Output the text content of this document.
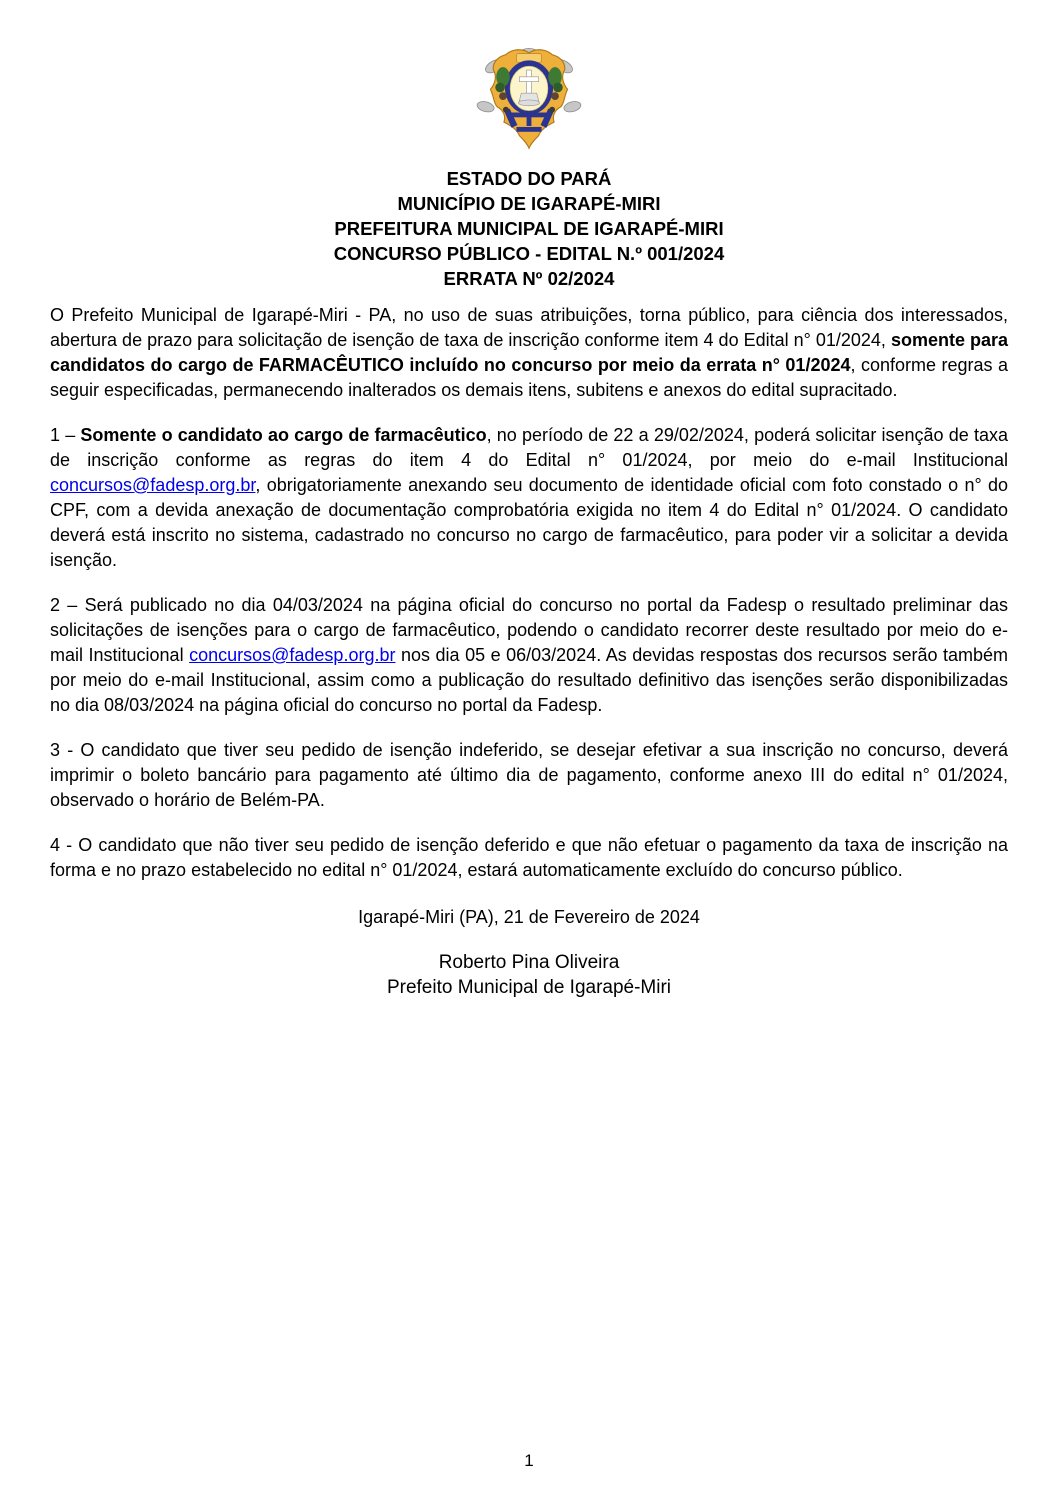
ESTADO DO PARÁ
MUNICÍPIO DE IGARAPÉ-MIRI
PREFEITURA MUNICIPAL DE IGARAPÉ-MIRI
CONCURSO PÚBLICO - EDITAL N.º 001/2024
ERRATA Nº 02/2024

O Prefeito Municipal de Igarapé-Miri - PA, no uso de suas atribuições, torna público, para ciência dos interessados, abertura de prazo para solicitação de isenção de taxa de inscrição conforme item 4 do Edital n° 01/2024, somente para candidatos do cargo de FARMACÊUTICO incluído no concurso por meio da errata n° 01/2024, conforme regras a seguir especificadas, permanecendo inalterados os demais itens, subitens e anexos do edital supracitado.

1 – Somente o candidato ao cargo de farmacêutico, no período de 22 a 29/02/2024, poderá solicitar isenção de taxa de inscrição conforme as regras do item 4 do Edital n° 01/2024, por meio do e-mail Institucional concursos@fadesp.org.br, obrigatoriamente anexando seu documento de identidade oficial com foto constado o n° do CPF, com a devida anexação de documentação comprobatória exigida no item 4 do Edital n° 01/2024. O candidato deverá está inscrito no sistema, cadastrado no concurso no cargo de farmacêutico, para poder vir a solicitar a devida isenção.

2 – Será publicado no dia 04/03/2024 na página oficial do concurso no portal da Fadesp o resultado preliminar das solicitações de isenções para o cargo de farmacêutico, podendo o candidato recorrer deste resultado por meio do e-mail Institucional concursos@fadesp.org.br nos dia 05 e 06/03/2024. As devidas respostas dos recursos serão também por meio do e-mail Institucional, assim como a publicação do resultado definitivo das isenções serão disponibilizadas no dia 08/03/2024 na página oficial do concurso no portal da Fadesp.

3 - O candidato que tiver seu pedido de isenção indeferido, se desejar efetivar a sua inscrição no concurso, deverá imprimir o boleto bancário para pagamento até último dia de pagamento, conforme anexo III do edital n° 01/2024, observado o horário de Belém-PA.

4 - O candidato que não tiver seu pedido de isenção deferido e que não efetuar o pagamento da taxa de inscrição na forma e no prazo estabelecido no edital n° 01/2024, estará automaticamente excluído do concurso público.

Igarapé-Miri (PA), 21 de Fevereiro de 2024
Roberto Pina Oliveira
Prefeito Municipal de Igarapé-Miri
1
